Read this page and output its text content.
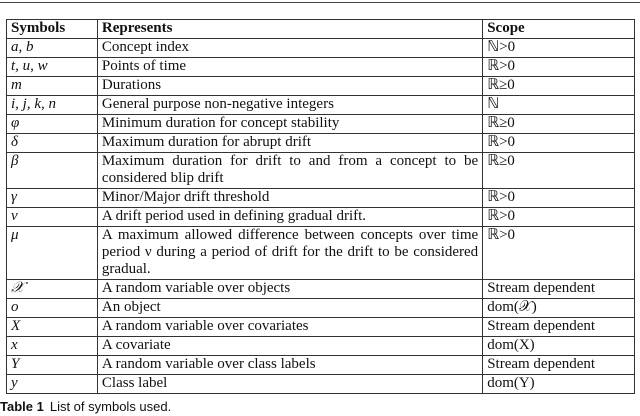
Symbols	Represents	Scope
a, b	Concept index	ℕ>0
t, u, w	Points of time	ℝ>0
m	Durations	ℝ≥0
i, j, k, n	General purpose non-negative integers	ℕ
φ	Minimum duration for concept stability	ℝ≥0
δ	Maximum duration for abrupt drift	ℝ>0
β	Maximum duration for drift to and from a concept to be considered blip drift	ℝ≥0
γ	Minor/Major drift threshold	ℝ>0
ν	A drift period used in defining gradual drift.	ℝ>0
μ	A maximum allowed difference between concepts over time period ν during a period of drift for the drift to be considered gradual.	ℝ>0
𝒳	A random variable over objects	Stream dependent
o	An object	dom(𝒳)
X	A random variable over covariates	Stream dependent
x	A covariate	dom(X)
Y	A random variable over class labels	Stream dependent
y	Class label	dom(Y)
Table 1 List of symbols used.
